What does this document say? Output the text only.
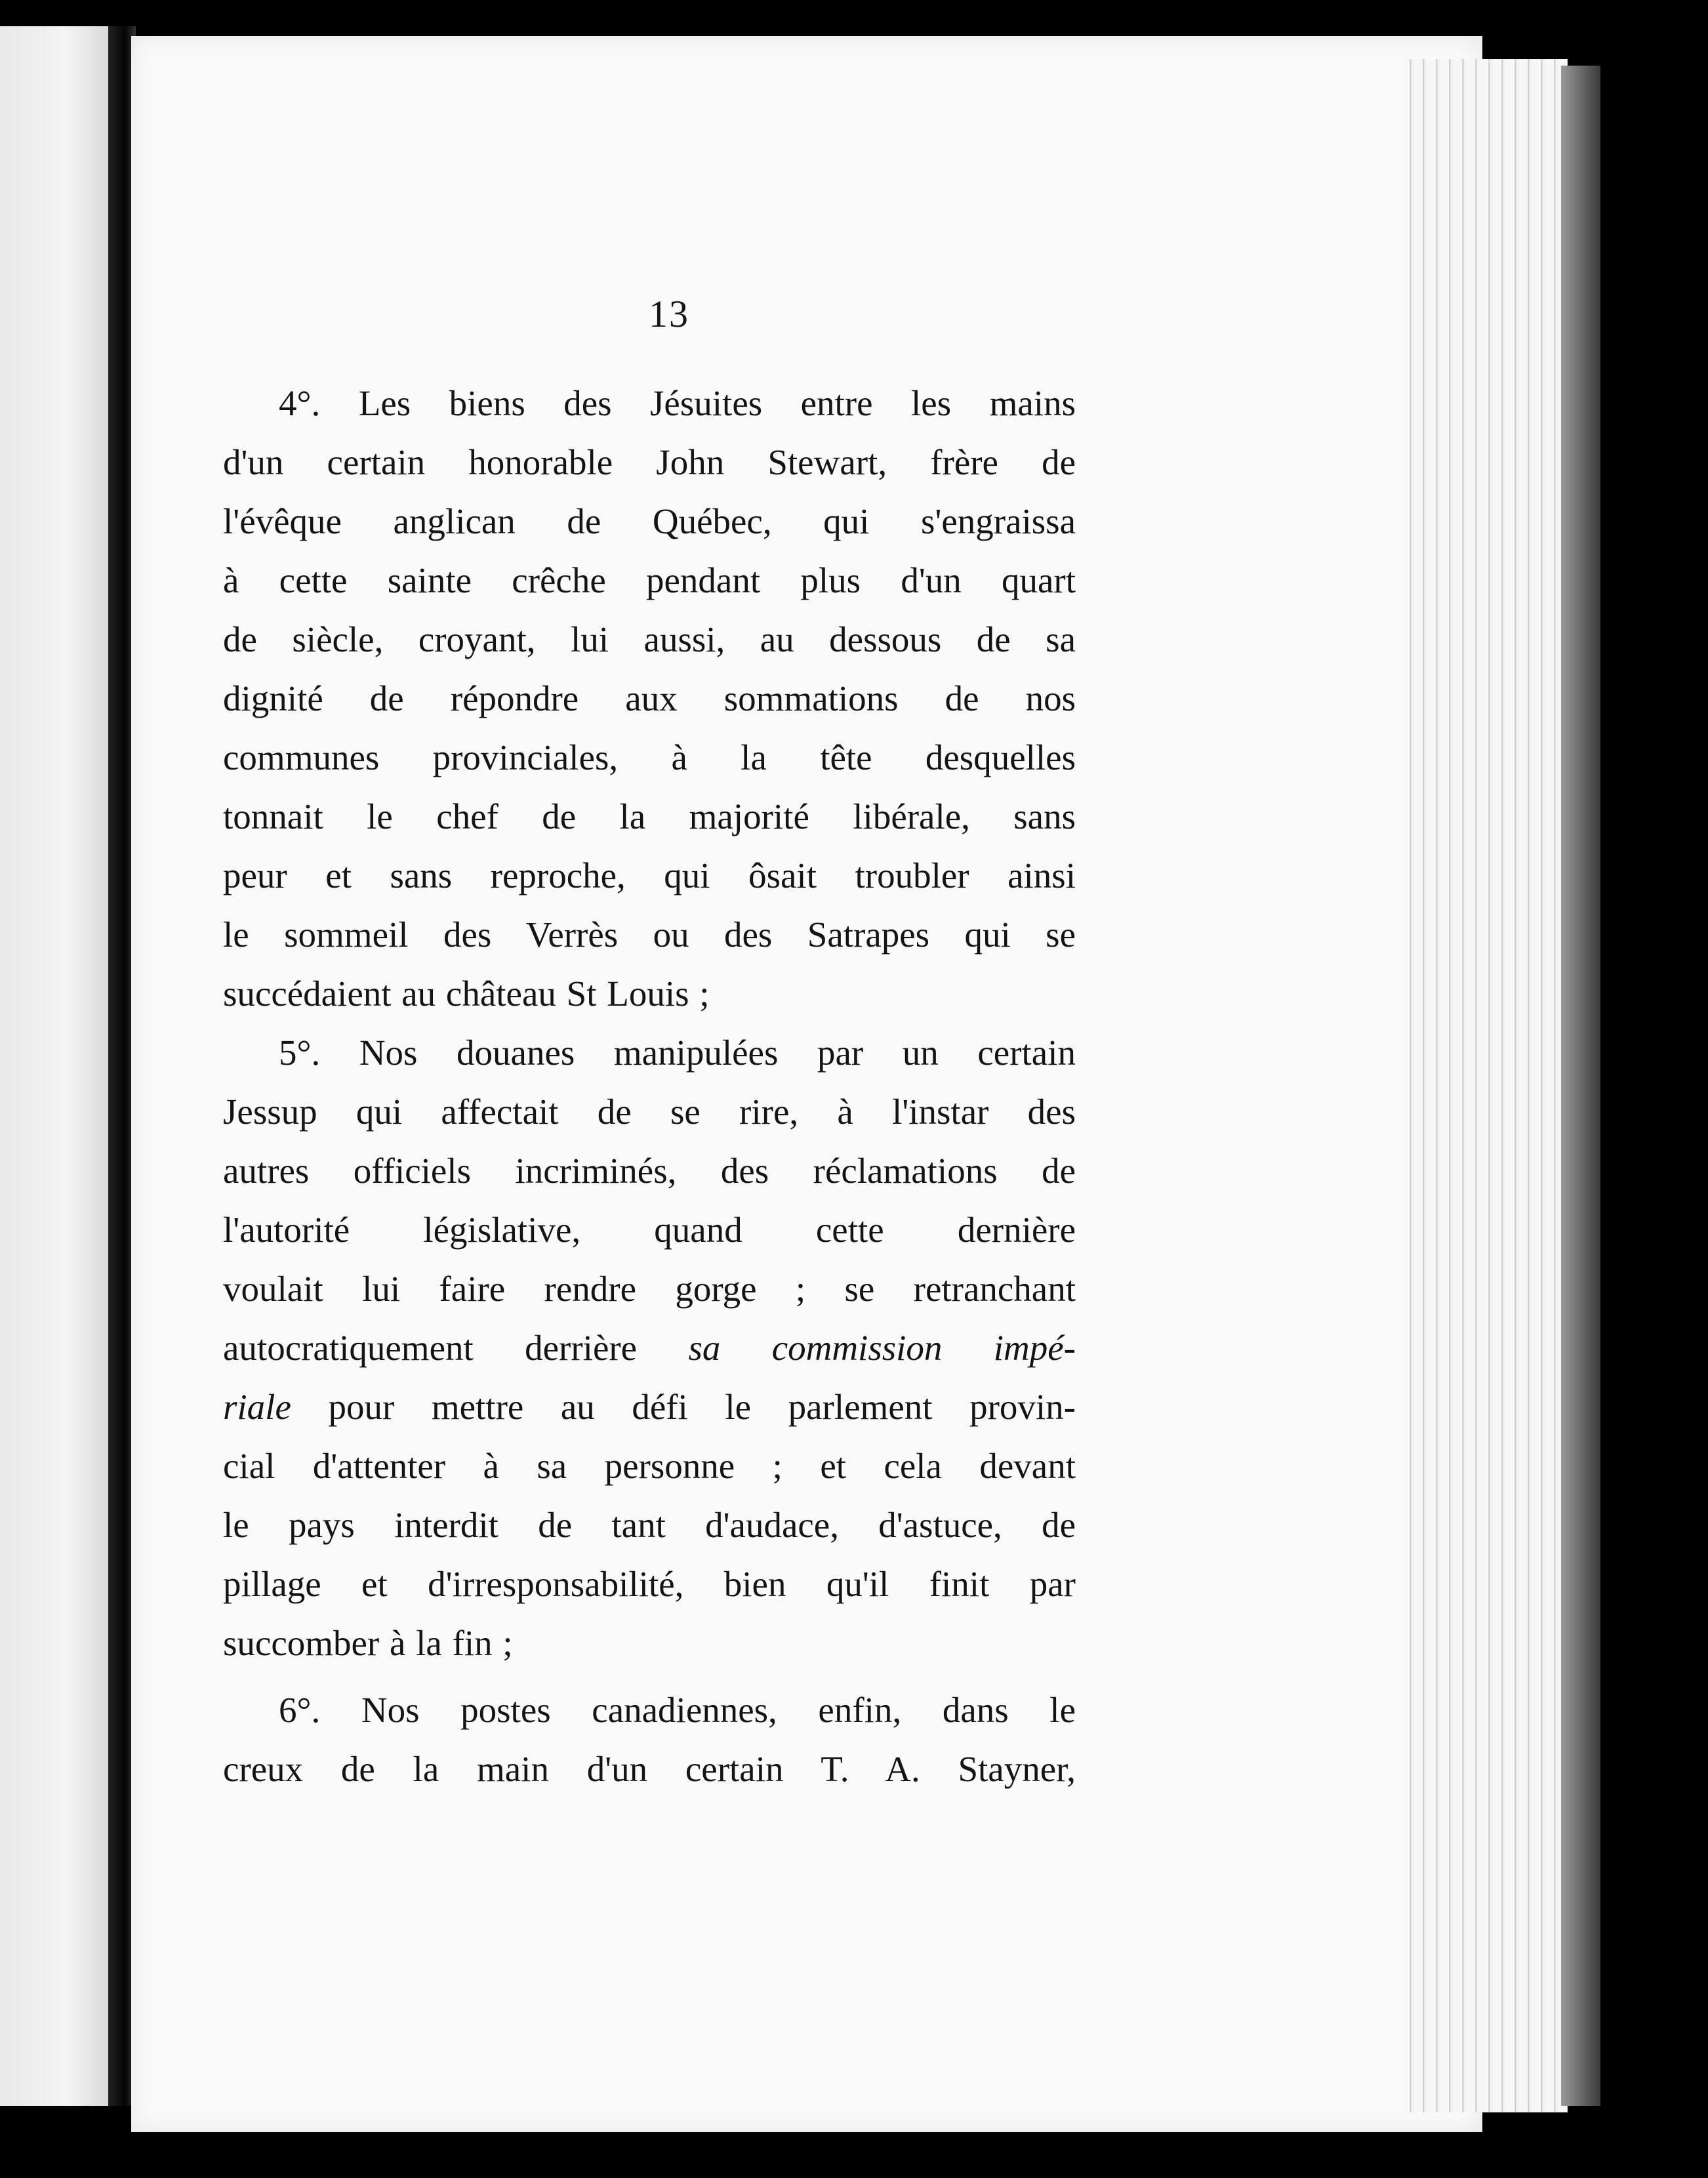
13
4°. Les biens des Jésuites entre les mains
d'un certain honorable John Stewart, frère de
l'évêque anglican de Québec, qui s'engraissa
à cette sainte crêche pendant plus d'un quart
de siècle, croyant, lui aussi, au dessous de sa
dignité de répondre aux sommations de nos
communes provinciales, à la tête desquelles
tonnait le chef de la majorité libérale, sans
peur et sans reproche, qui ôsait troubler ainsi
le sommeil des Verrès ou des Satrapes qui se
succédaient au château St Louis ;
5°. Nos douanes manipulées par un certain
Jessup qui affectait de se rire, à l'instar des
autres officiels incriminés, des réclamations de
l'autorité législative, quand cette dernière
voulait lui faire rendre gorge ; se retranchant
autocratiquement derrière sa commission impé-
riale pour mettre au défi le parlement provin-
cial d'attenter à sa personne ; et cela devant
le pays interdit de tant d'audace, d'astuce, de
pillage et d'irresponsabilité, bien qu'il finit par
succomber à la fin ;
6°. Nos postes canadiennes, enfin, dans le
creux de la main d'un certain T. A. Stayner,
